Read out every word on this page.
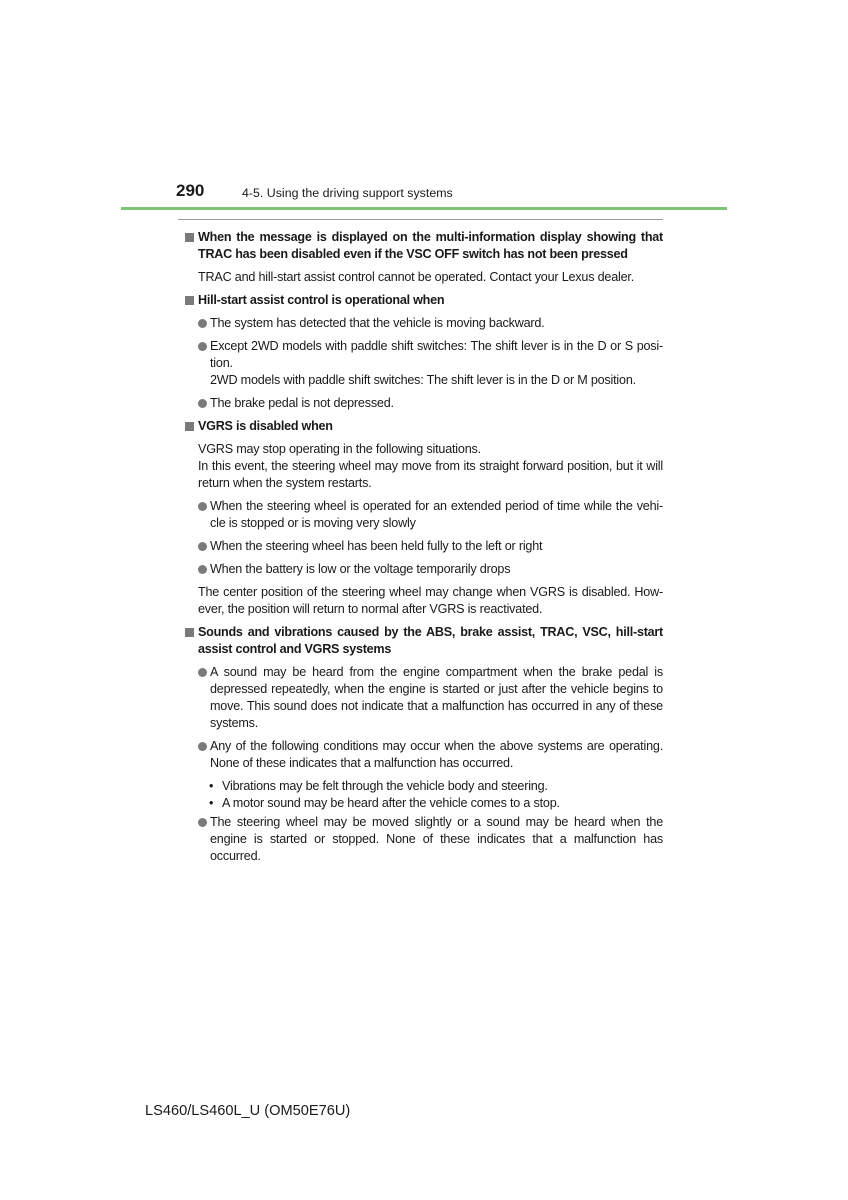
290	4-5. Using the driving support systems
When the message is displayed on the multi-information display showing that TRAC has been disabled even if the VSC OFF switch has not been pressed

TRAC and hill-start assist control cannot be operated. Contact your Lexus dealer.

Hill-start assist control is operational when

The system has detected that the vehicle is moving backward.

Except 2WD models with paddle shift switches: The shift lever is in the D or S posi-tion.

2WD models with paddle shift switches: The shift lever is in the D or M position.

The brake pedal is not depressed.

VGRS is disabled when

VGRS may stop operating in the following situations.

In this event, the steering wheel may move from its straight forward position, but it will return when the system restarts.

When the steering wheel is operated for an extended period of time while the vehi-cle is stopped or is moving very slowly

When the steering wheel has been held fully to the left or right

When the battery is low or the voltage temporarily drops

The center position of the steering wheel may change when VGRS is disabled. How-ever, the position will return to normal after VGRS is reactivated.

Sounds and vibrations caused by the ABS, brake assist, TRAC, VSC, hill-start assist control and VGRS systems

A sound may be heard from the engine compartment when the brake pedal is depressed repeatedly, when the engine is started or just after the vehicle begins to move. This sound does not indicate that a malfunction has occurred in any of these systems.

Any of the following conditions may occur when the above systems are operating. None of these indicates that a malfunction has occurred.

• Vibrations may be felt through the vehicle body and steering.
• A motor sound may be heard after the vehicle comes to a stop.

The steering wheel may be moved slightly or a sound may be heard when the engine is started or stopped. None of these indicates that a malfunction has occurred.

LS460/LS460L_U (OM50E76U)
